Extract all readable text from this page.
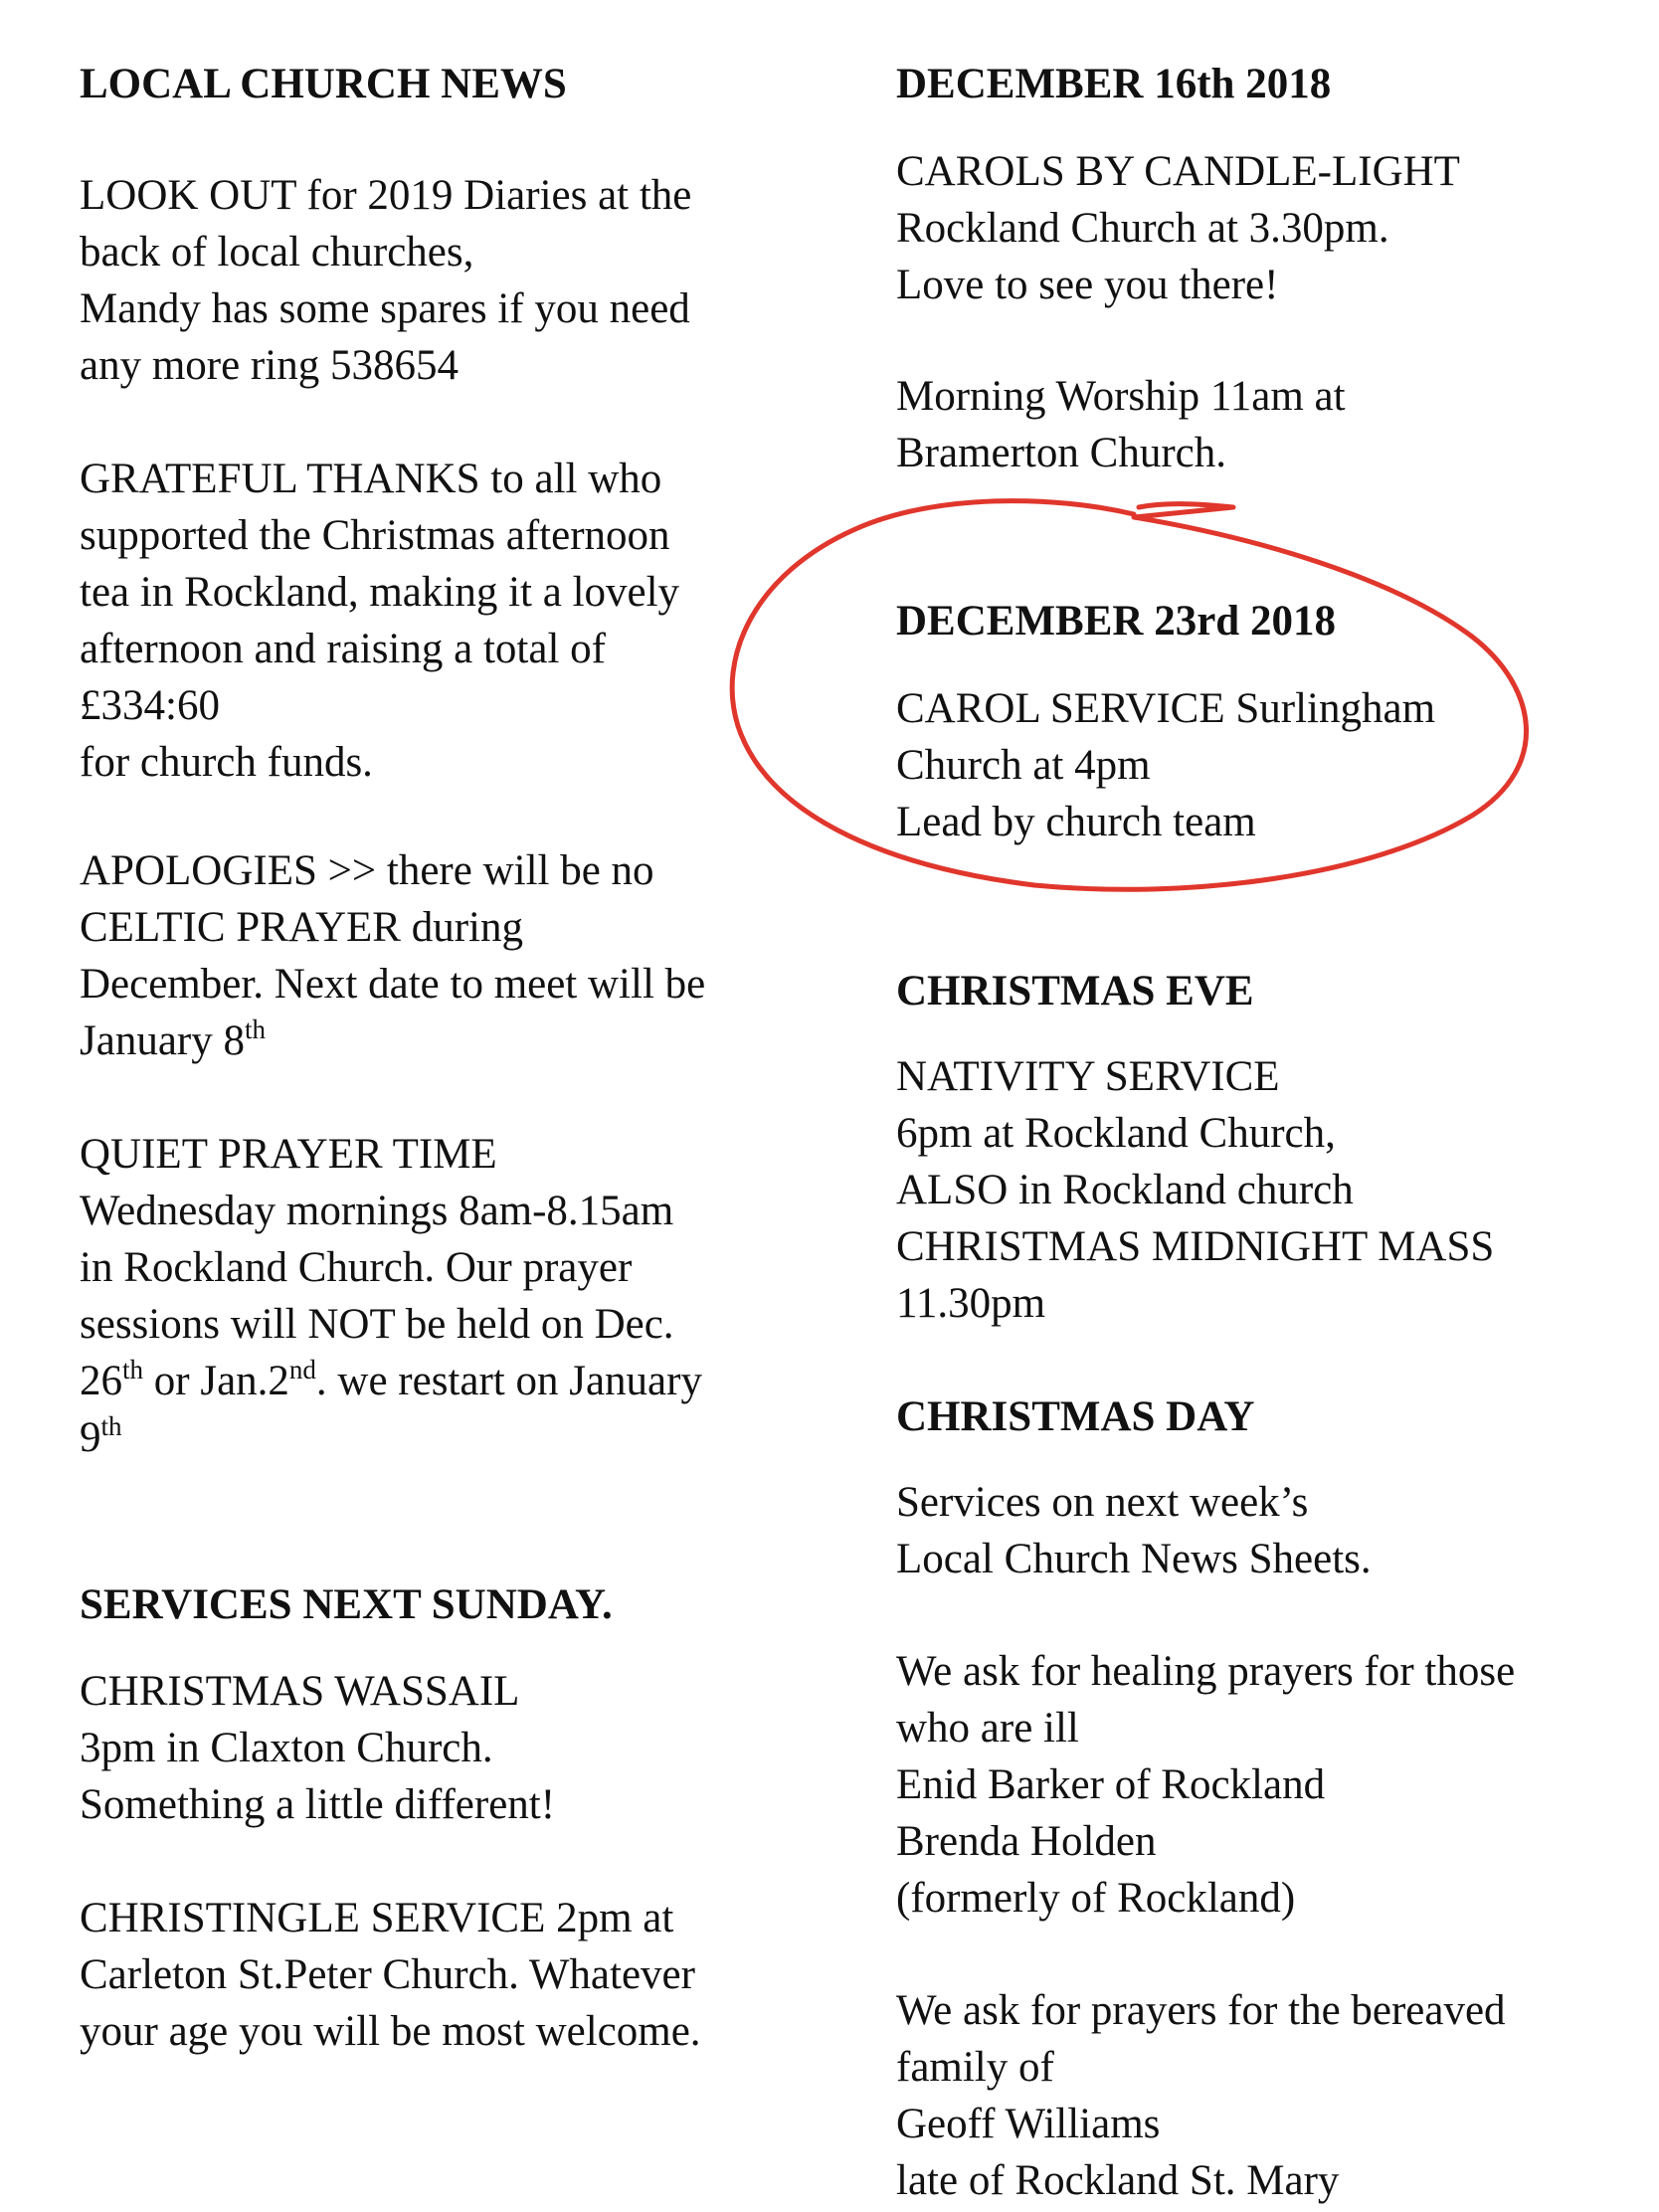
LOCAL CHURCH NEWS

LOOK OUT for 2019 Diaries at the
back of local churches,
Mandy has some spares if you need
any more ring 538654

GRATEFUL THANKS to all who
supported the Christmas afternoon
tea in Rockland, making it a lovely
afternoon and raising a total of
£334:60
for church funds.

APOLOGIES >> there will be no
CELTIC PRAYER during
December. Next date to meet will be
January 8th

QUIET PRAYER TIME
Wednesday mornings 8am-8.15am
in Rockland Church. Our prayer
sessions will NOT be held on Dec.
26th or Jan.2nd. we restart on January
9th

SERVICES NEXT SUNDAY.

CHRISTMAS WASSAIL
3pm in Claxton Church.
Something a little different!

CHRISTINGLE SERVICE 2pm at
Carleton St.Peter Church. Whatever
your age you will be most welcome.

DECEMBER 16th 2018

CAROLS BY CANDLE-LIGHT
Rockland Church at 3.30pm.
Love to see you there!

Morning Worship 11am at
Bramerton Church.

DECEMBER 23rd 2018

CAROL SERVICE Surlingham
Church at 4pm
Lead by church team

CHRISTMAS EVE

NATIVITY SERVICE
6pm at Rockland Church,
ALSO in Rockland church
CHRISTMAS MIDNIGHT MASS
11.30pm

CHRISTMAS DAY

Services on next week’s
Local Church News Sheets.

We ask for healing prayers for those
who are ill
Enid Barker of Rockland
Brenda Holden
(formerly of Rockland)

We ask for prayers for the bereaved
family of
Geoff Williams
late of Rockland St. Mary
